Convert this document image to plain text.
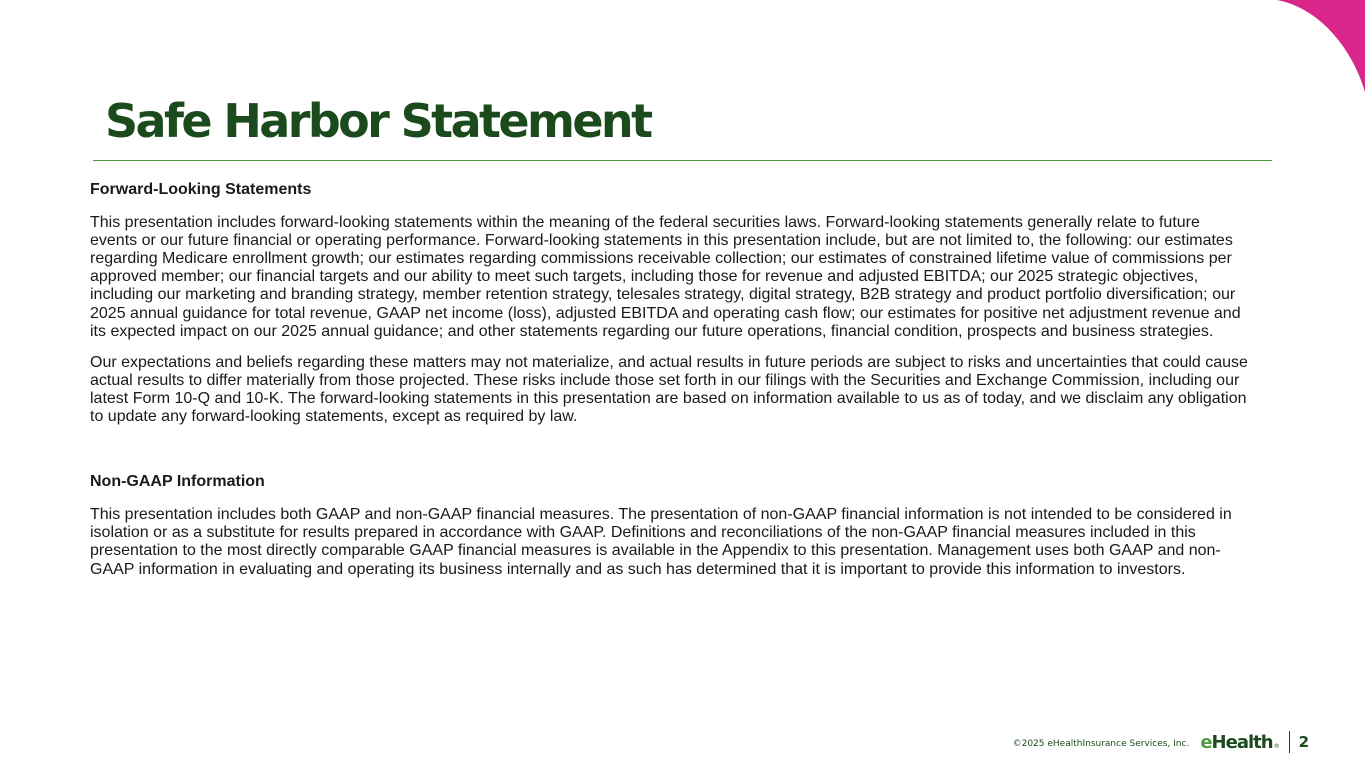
Safe Harbor Statement
Forward-Looking Statements

This presentation includes forward-looking statements within the meaning of the federal securities laws. Forward-looking statements generally relate to future events or our future financial or operating performance. Forward-looking statements in this presentation include, but are not limited to, the following: our estimates regarding Medicare enrollment growth; our estimates regarding commissions receivable collection; our estimates of constrained lifetime value of commissions per approved member; our financial targets and our ability to meet such targets, including those for revenue and adjusted EBITDA; our 2025 strategic objectives, including our marketing and branding strategy, member retention strategy, telesales strategy, digital strategy, B2B strategy and product portfolio diversification; our 2025 annual guidance for total revenue, GAAP net income (loss), adjusted EBITDA and operating cash flow; our estimates for positive net adjustment revenue and its expected impact on our 2025 annual guidance; and other statements regarding our future operations, financial condition, prospects and business strategies.

Our expectations and beliefs regarding these matters may not materialize, and actual results in future periods are subject to risks and uncertainties that could cause actual results to differ materially from those projected. These risks include those set forth in our filings with the Securities and Exchange Commission, including our latest Form 10-Q and 10-K. The forward-looking statements in this presentation are based on information available to us as of today, and we disclaim any obligation to update any forward-looking statements, except as required by law.

Non-GAAP Information

This presentation includes both GAAP and non-GAAP financial measures. The presentation of non-GAAP financial information is not intended to be considered in isolation or as a substitute for results prepared in accordance with GAAP. Definitions and reconciliations of the non-GAAP financial measures included in this presentation to the most directly comparable GAAP financial measures is available in the Appendix to this presentation. Management uses both GAAP and non-GAAP information in evaluating and operating its business internally and as such has determined that it is important to provide this information to investors.

©2025 eHealthInsurance Services, Inc. e Health ® 2
